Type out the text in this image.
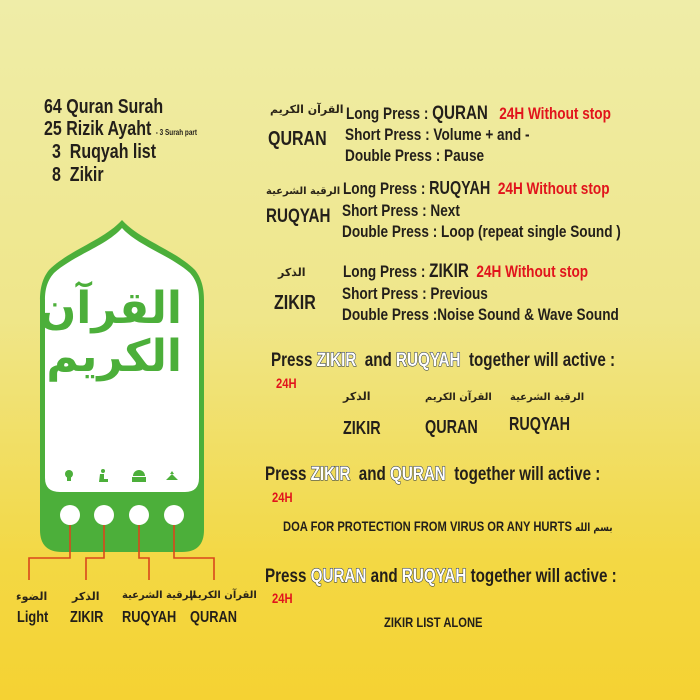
64 Quran Surah
25 Rizik Ayaht - 3 Surah part
3 Ruqyah list
8 Zikir
القرآن الكريم
الضوء
Light
الذكر
ZIKIR
الرقية الشرعية
RUQYAH
القرآن الكريم
QURAN
القرآن الكريم
QURAN
Long Press : QURAN 24H Without stop
Short Press : Volume + and -
Double Press : Pause
الرقية الشرعية
RUQYAH
Long Press : RUQYAH 24H Without stop
Short Press : Next
Double Press : Loop (repeat single Sound )
الذكر
ZIKIR
Long Press : ZIKIR 24H Without stop
Short Press : Previous
Double Press :Noise Sound & Wave Sound
Press ZIKIR and RUQYAH together will active :
24H
الذكر
ZIKIR
القرآن الكريم
QURAN
الرقية الشرعية
RUQYAH
Press ZIKIR and QURAN together will active :
24H
DOA FOR PROTECTION FROM VIRUS OR ANY HURTS بسم الله
Press QURAN and RUQYAH together will active :
24H
ZIKIR LIST ALONE
